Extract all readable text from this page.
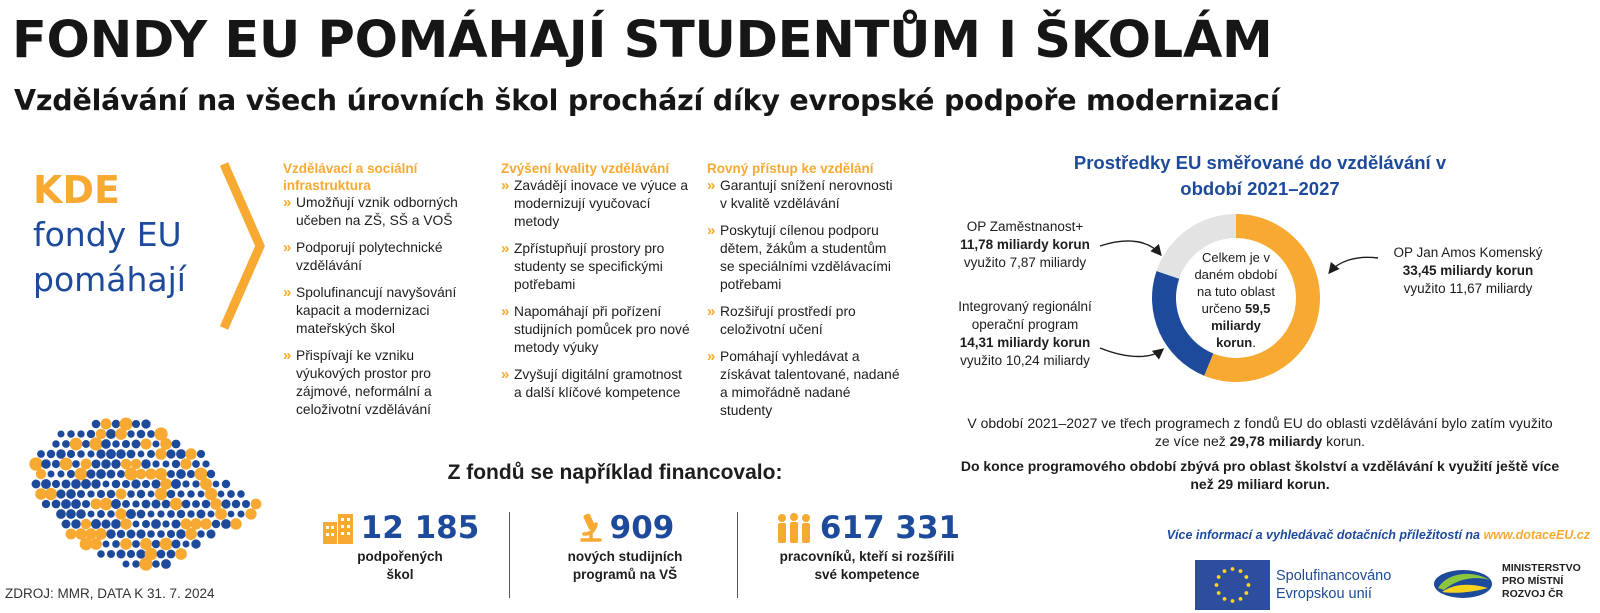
FONDY EU POMÁHAJÍ STUDENTŮM I ŠKOLÁM
Vzdělávání na všech úrovních škol prochází díky evropské podpoře modernizací
KDE
fondy EU
pomáhají
Vzdělávací a sociální infrastruktura
» Umožňují vznik odborných učeben na ZŠ, SŠ a VOŠ
» Podporují polytechnické vzdělávání
» Spolufinancují navyšování kapacit a modernizaci mateřských škol
» Přispívají ke vzniku výukových prostor pro zájmové, neformální a celoživotní vzdělávání
Zvýšení kvality vzdělávání
» Zavádějí inovace ve výuce a modernizují vyučovací metody
» Zpřístupňují prostory pro studenty se specifickými potřebami
» Napomáhají při pořízení studijních pomůcek pro nové metody výuky
» Zvyšují digitální gramotnost a další klíčové kompetence
Rovný přístup ke vzdělání
» Garantují snížení nerovnosti v kvalitě vzdělávání
» Poskytují cílenou podporu dětem, žákům a studentům se speciálními vzdělávacími potřebami
» Rozšiřují prostředí pro celoživotní učení
» Pomáhají vyhledávat a získávat talentované, nadané a mimořádně nadané studenty
Prostředky EU směřované do vzdělávání v období 2021–2027
Celkem je v daném období na tuto oblast určeno 59,5 miliardy korun.
OP Jan Amos Komenský
33,45 miliardy korun
využito 11,67 miliardy
Integrovaný regionální operační program
14,31 miliardy korun
využito 10,24 miliardy
OP Zaměstnanost+
11,78 miliardy korun
využito 7,87 miliardy
V období 2021–2027 ve třech programech z fondů EU do oblasti vzdělávání bylo zatím využito ze více než 29,78 miliardy korun.
Do konce programového období zbývá pro oblast školství a vzdělávání k využití ještě více než 29 miliard korun.
Z fondů se například financovalo:
12 185
podpořených
škol
909
nových studijních
programů na VŠ
617 331
pracovníků, kteří si rozšířili
své kompetence
ZDROJ: MMR, DATA K 31. 7. 2024
Více informací a vyhledávač dotačních příležitostí na www.dotaceEU.cz
Spolufinancováno
Evropskou unií
MINISTERSTVO
PRO MÍSTNÍ
ROZVOJ ČR
